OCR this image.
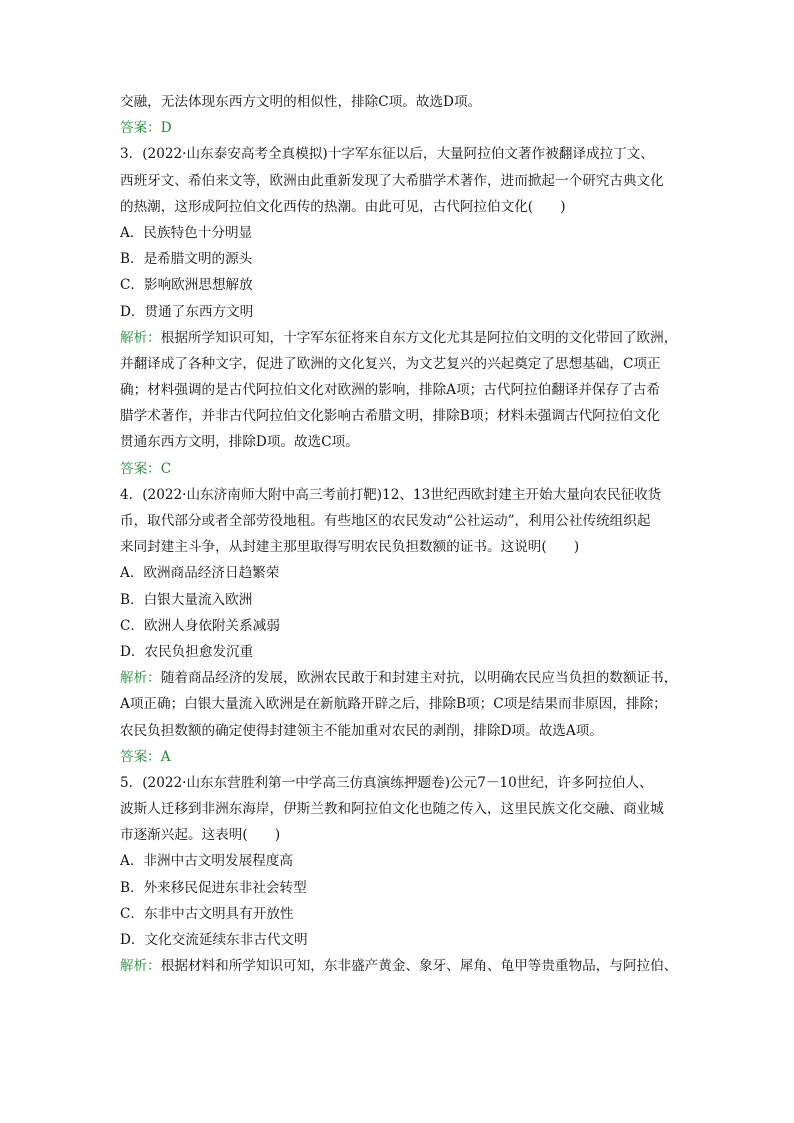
交融，无法体现东西方文明的相似性，排除C项。故选D项。
答案：D
3．(2022·山东泰安高考全真模拟)十字军东征以后，大量阿拉伯文著作被翻译成拉丁文、
西班牙文、希伯来文等，欧洲由此重新发现了大希腊学术著作，进而掀起一个研究古典文化
的热潮，这形成阿拉伯文化西传的热潮。由此可见，古代阿拉伯文化(　　)
A．民族特色十分明显
B．是希腊文明的源头
C．影响欧洲思想解放
D．贯通了东西方文明
解析：根据所学知识可知，十字军东征将来自东方文化尤其是阿拉伯文明的文化带回了欧洲，
并翻译成了各种文字，促进了欧洲的文化复兴，为文艺复兴的兴起奠定了思想基础，C项正
确；材料强调的是古代阿拉伯文化对欧洲的影响，排除A项；古代阿拉伯翻译并保存了古希
腊学术著作，并非古代阿拉伯文化影响古希腊文明，排除B项；材料未强调古代阿拉伯文化
贯通东西方文明，排除D项。故选C项。
答案：C
4．(2022·山东济南师大附中高三考前打靶)12、13世纪西欧封建主开始大量向农民征收货
币，取代部分或者全部劳役地租。有些地区的农民发动“公社运动”，利用公社传统组织起
来同封建主斗争，从封建主那里取得写明农民负担数额的证书。这说明(　　)
A．欧洲商品经济日趋繁荣
B．白银大量流入欧洲
C．欧洲人身依附关系减弱
D．农民负担愈发沉重
解析：随着商品经济的发展，欧洲农民敢于和封建主对抗，以明确农民应当负担的数额证书，
A项正确；白银大量流入欧洲是在新航路开辟之后，排除B项；C项是结果而非原因，排除；
农民负担数额的确定使得封建领主不能加重对农民的剥削，排除D项。故选A项。
答案：A
5．(2022·山东东营胜利第一中学高三仿真演练押题卷)公元7－10世纪，许多阿拉伯人、
波斯人迁移到非洲东海岸，伊斯兰教和阿拉伯文化也随之传入，这里民族文化交融、商业城
市逐渐兴起。这表明(　　)
A．非洲中古文明发展程度高
B．外来移民促进东非社会转型
C．东非中古文明具有开放性
D．文化交流延续东非古代文明
解析：根据材料和所学知识可知，东非盛产黄金、象牙、犀角、龟甲等贵重物品，与阿拉伯、
